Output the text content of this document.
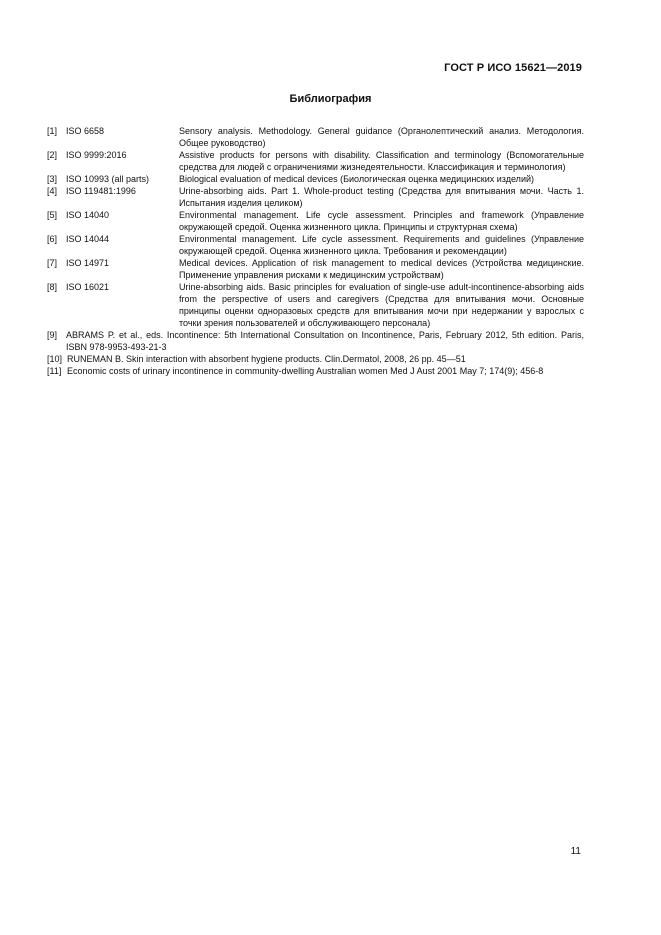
ГОСТ Р ИСО 15621—2019
Библиография
[1] ISO 6658	Sensory analysis. Methodology. General guidance (Органолептический анализ. Методология. Общее руководство)
[2] ISO 9999:2016	Assistive products for persons with disability. Classification and terminology (Вспомогательные средства для людей с ограничениями жизнедеятельности. Классификация и терминология)
[3] ISO 10993 (all parts)	Biological evaluation of medical devices (Биологическая оценка медицинских изделий)
[4] ISO 119481:1996	Urine-absorbing aids. Part 1. Whole-product testing (Средства для впитывания мочи. Часть 1. Испытания изделия целиком)
[5] ISO 14040	Environmental management. Life cycle assessment. Principles and framework (Управление окружающей средой. Оценка жизненного цикла. Принципы и структурная схема)
[6] ISO 14044	Environmental management. Life cycle assessment. Requirements and guidelines (Управление окружающей средой. Оценка жизненного цикла. Требования и рекомендации)
[7] ISO 14971	Medical devices. Application of risk management to medical devices (Устройства медицинские. Применение управления рисками к медицинским устройствам)
[8] ISO 16021	Urine-absorbing aids. Basic principles for evaluation of single-use adult-incontinence-absorbing aids from the perspective of users and caregivers (Средства для впитывания мочи. Основные принципы оценки одноразовых средств для впитывания мочи при недержании у взрослых с точки зрения пользователей и обслуживающего персонала)
[9] ABRAMS P. et al., eds. Incontinence: 5th International Consultation on Incontinence, Paris, February 2012, 5th edition. Paris, ISBN 978-9953-493-21-3
[10] RUNEMAN B. Skin interaction with absorbent hygiene products. Clin.Dermatol, 2008, 26 pp. 45—51
[11] Economic costs of urinary incontinence in community-dwelling Australian women Med J Aust 2001 May 7; 174(9); 456-8
11
